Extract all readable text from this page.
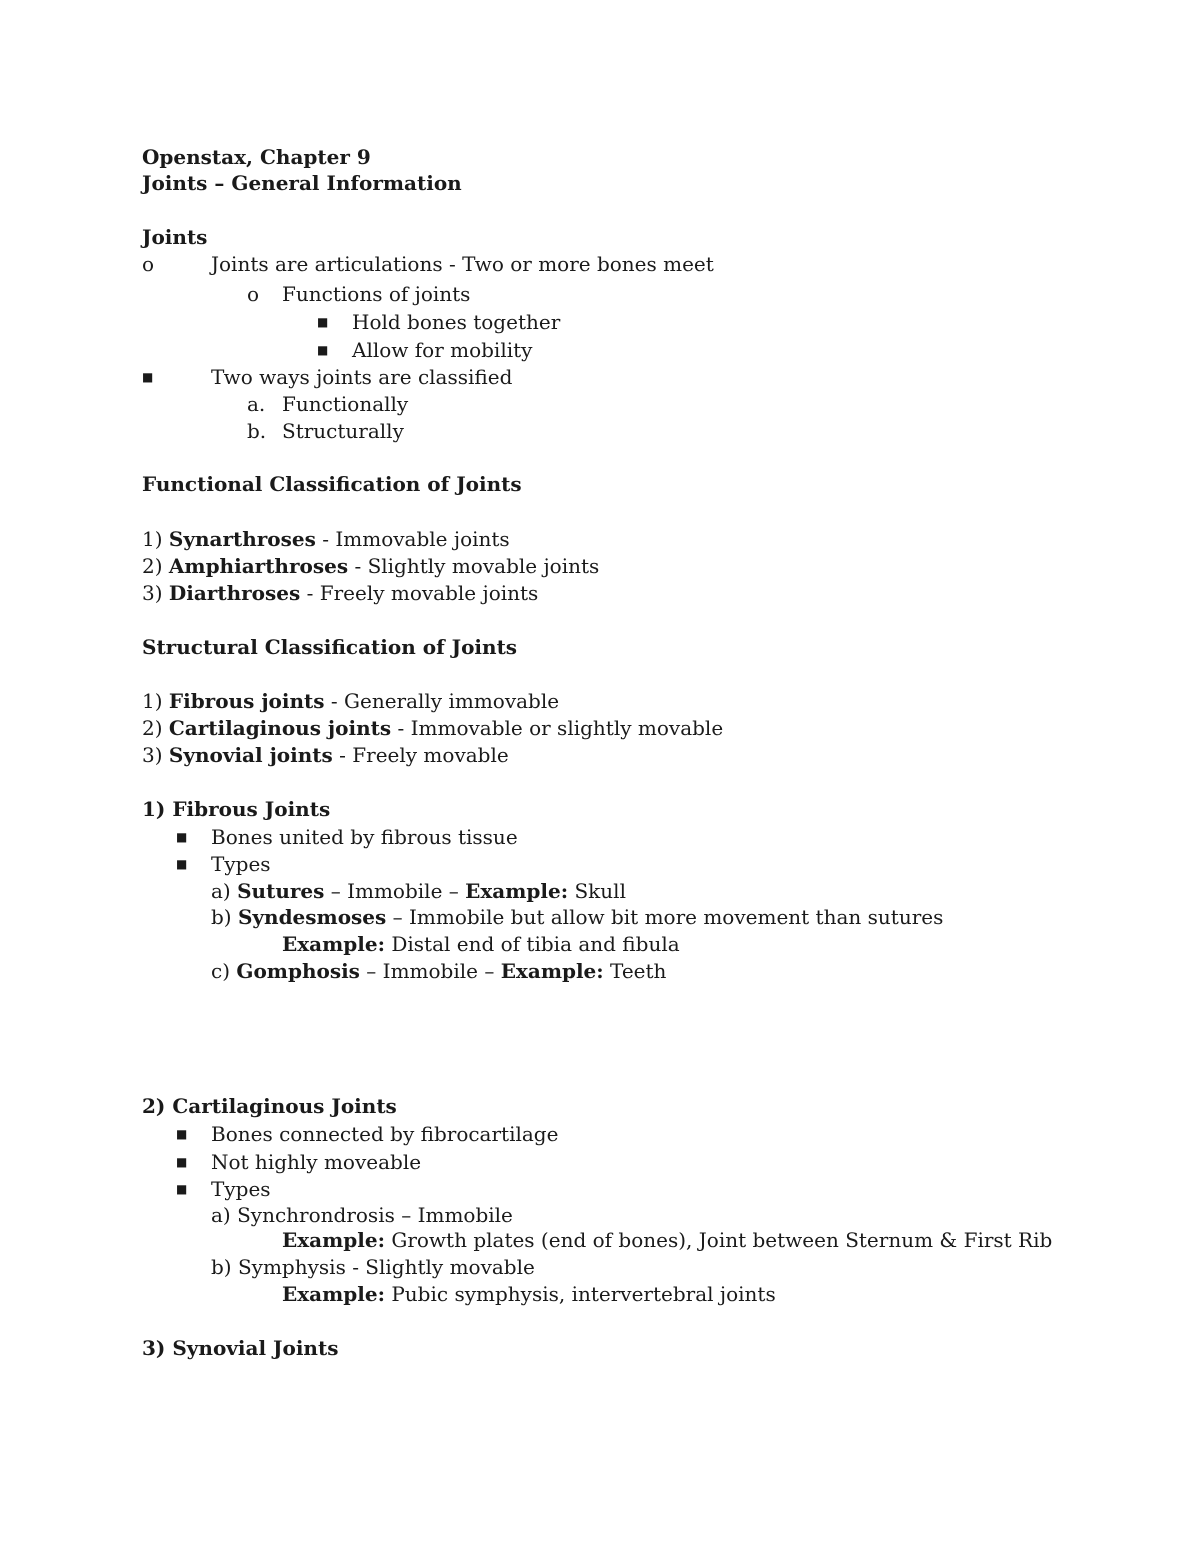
Openstax, Chapter 9
Joints – General Information
Joints
o	Joints are articulations - Two or more bones meet
o Functions of joints
■ Hold bones together
■ Allow for mobility
■	Two ways joints are classified
a. Functionally
b. Structurally
Functional Classification of Joints
1) Synarthroses - Immovable joints
2) Amphiarthroses - Slightly movable joints
3) Diarthroses - Freely movable joints
Structural Classification of Joints
1) Fibrous joints - Generally immovable
2) Cartilaginous joints - Immovable or slightly movable
3) Synovial joints - Freely movable
1) Fibrous Joints
■ Bones united by fibrous tissue
■ Types
a) Sutures – Immobile – Example: Skull
b) Syndesmoses – Immobile but allow bit more movement than sutures
Example: Distal end of tibia and fibula
c) Gomphosis – Immobile – Example: Teeth
2) Cartilaginous Joints
■ Bones connected by fibrocartilage
■ Not highly moveable
■ Types
a) Synchrondrosis – Immobile
Example: Growth plates (end of bones), Joint between Sternum & First Rib
b) Symphysis - Slightly movable
Example: Pubic symphysis, intervertebral joints
3) Synovial Joints
